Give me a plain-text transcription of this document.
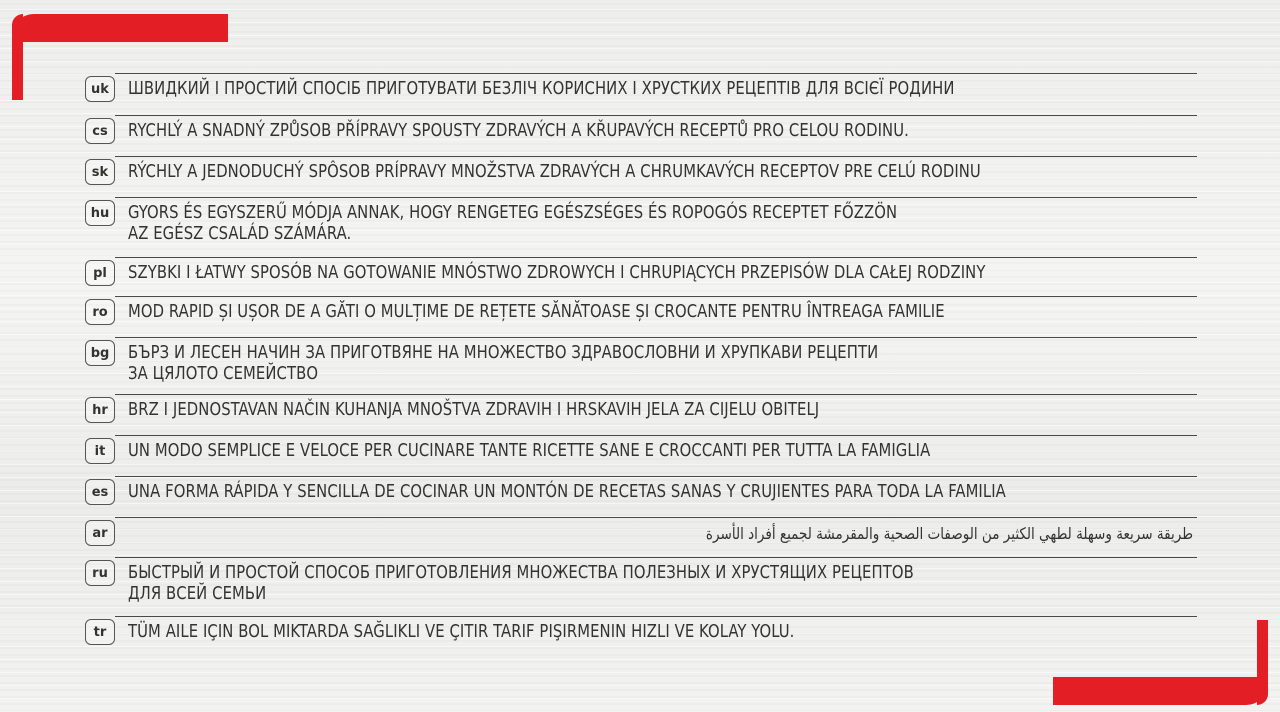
uk	ШВИДКИЙ І ПРОСТИЙ СПОСІБ ПРИГОТУВАТИ БЕЗЛІЧ КОРИСНИХ І ХРУСТКИХ РЕЦЕПТІВ ДЛЯ ВСІЄЇ РОДИНИ
cs	RYCHLÝ A SNADNÝ ZPŮSOB PŘÍPRAVY SPOUSTY ZDRAVÝCH A KŘUPAVÝCH RECEPTŮ PRO CELOU RODINU.
sk	RÝCHLY A JEDNODUCHÝ SPÔSOB PRÍPRAVY MNOŽSTVA ZDRAVÝCH A CHRUMKAVÝCH RECEPTOV PRE CELÚ RODINU
hu	GYORS ÉS EGYSZERŰ MÓDJA ANNAK, HOGY RENGETEG EGÉSZSÉGES ÉS ROPOGÓS RECEPTET FŐZZÖN
AZ EGÉSZ CSALÁD SZÁMÁRA.
pl	SZYBKI I ŁATWY SPOSÓB NA GOTOWANIE MNÓSTWO ZDROWYCH I CHRUPIĄCYCH PRZEPISÓW DLA CAŁEJ RODZINY
ro	MOD RAPID ȘI UȘOR DE A GĂTI O MULȚIME DE REȚETE SĂNĂTOASE ȘI CROCANTE PENTRU ÎNTREAGA FAMILIE
bg	БЪРЗ И ЛЕСЕН НАЧИН ЗА ПРИГОТВЯНЕ НА МНОЖЕСТВО ЗДРАВОСЛОВНИ И ХРУПКАВИ РЕЦЕПТИ
ЗА ЦЯЛОТО СЕМЕЙСТВО
hr	BRZ I JEDNOSTAVAN NAČIN KUHANJA MNOŠTVA ZDRAVIH I HRSKAVIH JELA ZA CIJELU OBITELJ
it	UN MODO SEMPLICE E VELOCE PER CUCINARE TANTE RICETTE SANE E CROCCANTI PER TUTTA LA FAMIGLIA
es	UNA FORMA RÁPIDA Y SENCILLA DE COCINAR UN MONTÓN DE RECETAS SANAS Y CRUJIENTES PARA TODA LA FAMILIA
ar	طريقة سريعة وسهلة لطهي الكثير من الوصفات الصحية والمقرمشة لجميع أفراد الأسرة
ru	БЫСТРЫЙ И ПРОСТОЙ СПОСОБ ПРИГОТОВЛЕНИЯ МНОЖЕСТВА ПОЛЕЗНЫХ И ХРУСТЯЩИХ РЕЦЕПТОВ
ДЛЯ ВСЕЙ СЕМЬИ
tr	TÜM AILE IÇIN BOL MIKTARDA SAĞLIKLI VE ÇITIR TARIF PIŞIRMENIN HIZLI VE KOLAY YOLU.
